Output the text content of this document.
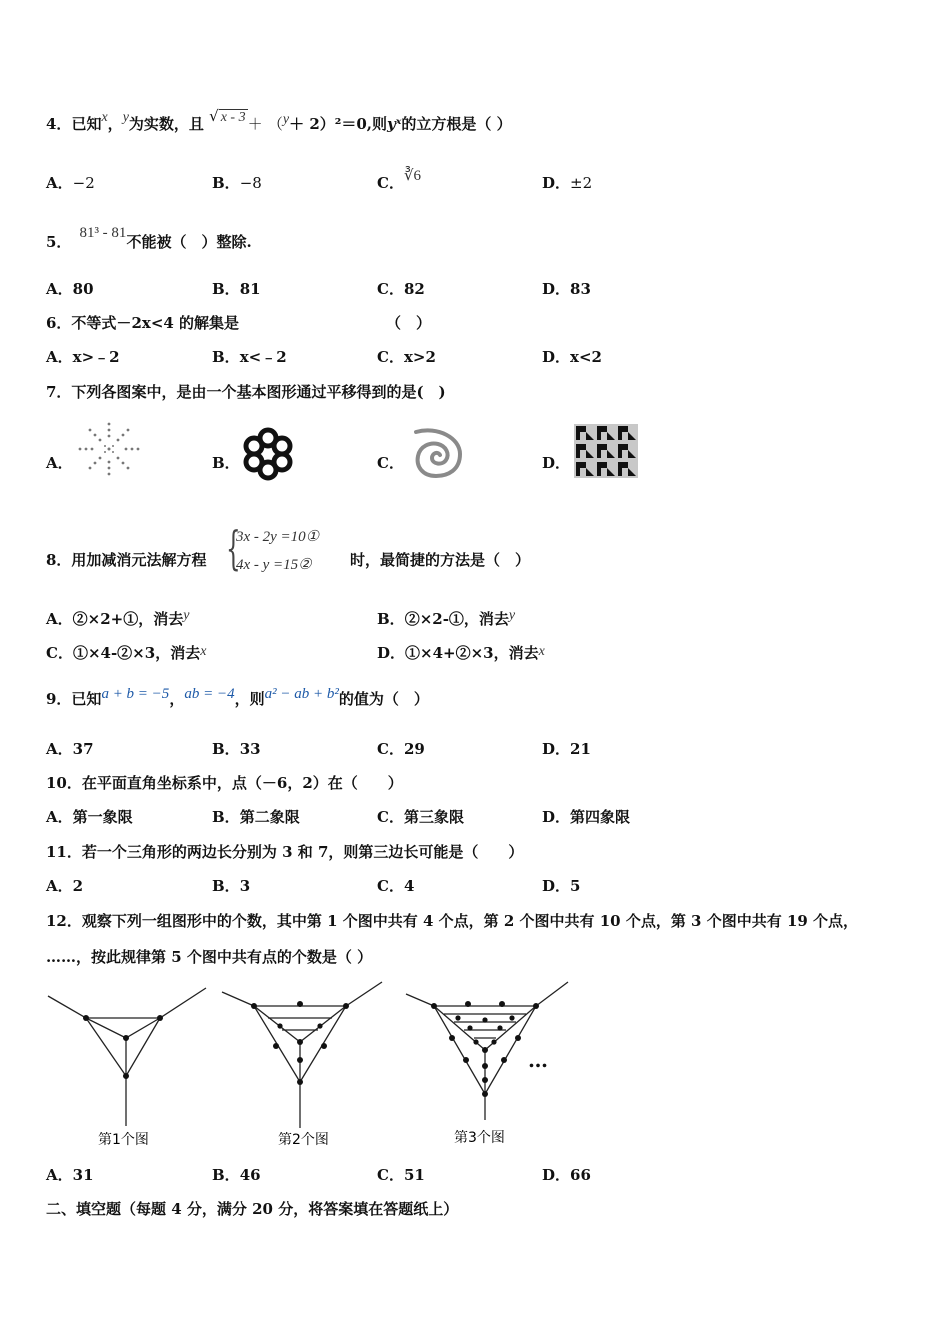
4．已知x，y为实数，且 √ x - 3 ＋ （y＋ 2）²＝0,则yˣ的立方根是（ ）
A．−2	B．−8	C．∛6	D．±2
5． 81³ - 81不能被（　）整除.
A．80	B．81	C．82	D．83
6．不等式－2x<4 的解集是	（　）
A．x>﹣2	B．x<﹣2	C．x>2	D．x<2
7．下列各图案中，是由一个基本图形通过平移得到的是(　)
A．	B．	C．	D．
8．用加减消元法解方程 {
3x - 2y =10①
4x - y =15②	时，最简捷的方法是（　）
A．②×2+①，消去y	B．②×2-①，消去y
C．①×4-②×3，消去x	D．①×4+②×3，消去x
9．已知a + b = −5，ab = −4，则a² − ab + b²的值为（　）
A．37	B．33	C．29	D．21
10．在平面直角坐标系中，点（－6，2）在（　　）
A．第一象限	B．第二象限	C．第三象限	D．第四象限
11．若一个三角形的两边长分别为 3 和 7，则第三边长可能是（　　）
A．2	B．3	C．4	D．5
12．观察下列一组图形中的个数，其中第 1 个图中共有 4 个点，第 2 个图中共有 10 个点，第 3 个图中共有 19 个点，
……，按此规律第 5 个图中共有点的个数是（ ）
第1个图	第2个图	第3个图
…
A．31	B．46	C．51	D．66
二、填空题（每题 4 分，满分 20 分，将答案填在答题纸上）
